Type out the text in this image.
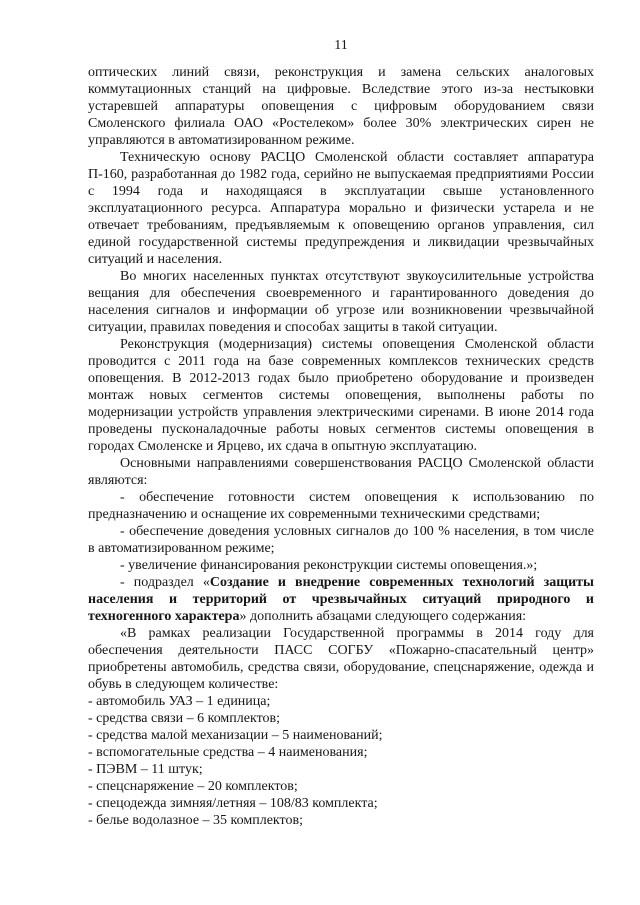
11

оптических линий связи, реконструкция и замена сельских аналоговых коммутационных станций на цифровые. Вследствие этого из-за нестыковки устаревшей аппаратуры оповещения с цифровым оборудованием связи Смоленского филиала ОАО «Ростелеком» более 30% электрических сирен не управляются в автоматизированном режиме.

Техническую основу РАСЦО Смоленской области составляет аппаратура П-160, разработанная до 1982 года, серийно не выпускаемая предприятиями России с 1994 года и находящаяся в эксплуатации свыше установленного эксплуатационного ресурса. Аппаратура морально и физически устарела и не отвечает требованиям, предъявляемым к оповещению органов управления, сил единой государственной системы предупреждения и ликвидации чрезвычайных ситуаций и населения.

Во многих населенных пунктах отсутствуют звукоусилительные устройства вещания для обеспечения своевременного и гарантированного доведения до населения сигналов и информации об угрозе или возникновении чрезвычайной ситуации, правилах поведения и способах защиты в такой ситуации.

Реконструкция (модернизация) системы оповещения Смоленской области проводится с 2011 года на базе современных комплексов технических средств оповещения. В 2012-2013 годах было приобретено оборудование и произведен монтаж новых сегментов системы оповещения, выполнены работы по модернизации устройств управления электрическими сиренами. В июне 2014 года проведены пусконаладочные работы новых сегментов системы оповещения в городах Смоленске и Ярцево, их сдача в опытную эксплуатацию.

Основными направлениями совершенствования РАСЦО Смоленской области являются:

- обеспечение готовности систем оповещения к использованию по предназначению и оснащение их современными техническими средствами;

- обеспечение доведения условных сигналов до 100 % населения, в том числе в автоматизированном режиме;

- увеличение финансирования реконструкции системы оповещения.»;

- подраздел «Создание и внедрение современных технологий защиты населения и территорий от чрезвычайных ситуаций природного и техногенного характера» дополнить абзацами следующего содержания:

«В рамках реализации Государственной программы в 2014 году для обеспечения деятельности ПАСС СОГБУ «Пожарно-спасательный центр» приобретены автомобиль, средства связи, оборудование, спецснаряжение, одежда и обувь в следующем количестве:

- автомобиль УАЗ – 1 единица;
- средства связи – 6 комплектов;
- средства малой механизации – 5 наименований;
- вспомогательные средства – 4 наименования;
- ПЭВМ – 11 штук;
- спецснаряжение – 20 комплектов;
- спецодежда зимняя/летняя – 108/83 комплекта;
- белье водолазное – 35 комплектов;
